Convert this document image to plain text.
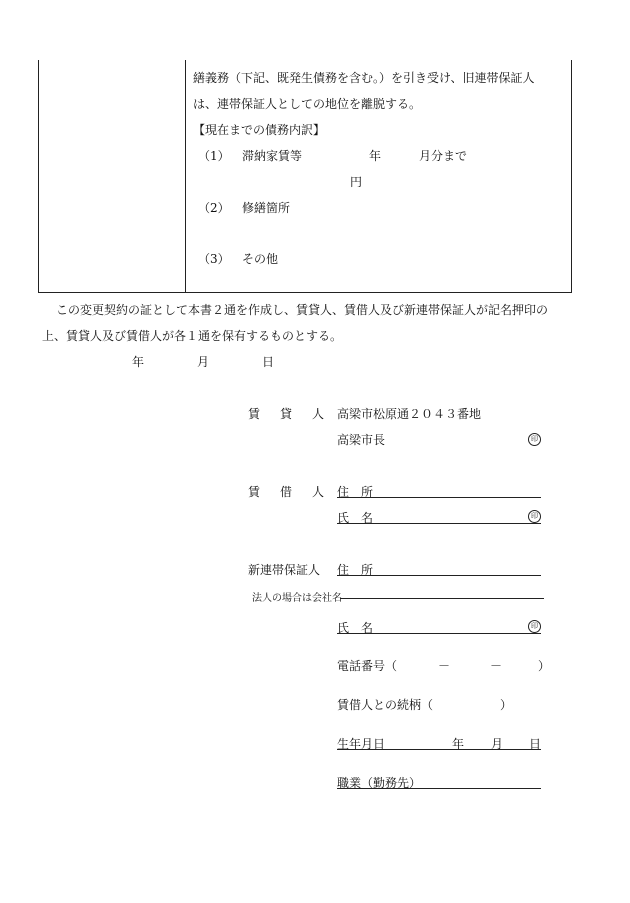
繕義務（下記、既発生債務を含む。）を引き受け、旧連帯保証人
は、連帯保証人としての地位を離脱する。
【現在までの債務内訳】
（1） 滞納家賃等	年	月分まで
円
（2） 修繕箇所
（3） その他
この変更契約の証として本書２通を作成し、賃貸人、賃借人及び新連帯保証人が記名押印の
上、賃貸人及び賃借人が各１通を保有するものとする。
年	月	日
賃 貸 人 高梁市松原通２０４３番地
高梁市長	印
賃 借 人 住　所
氏　名	印
新連帯保証人 住　所
法人の場合は会社名
氏　名	印
電話番号（	－	－	）
賃借人との続柄（	）
生年月日	年 月 日
職業（勤務先）
